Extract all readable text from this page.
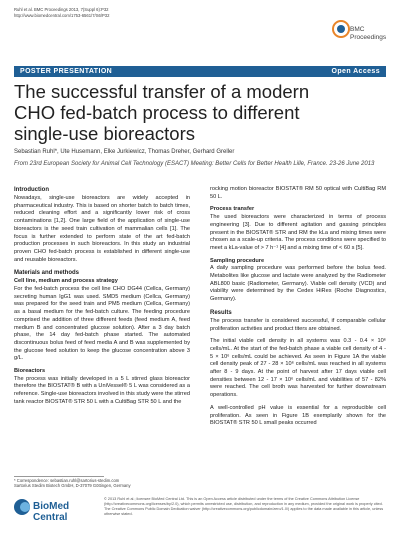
Ruhl et al. BMC Proceedings 2013, 7(Suppl 6):P32
http://www.biomedcentral.com/1753-6561/7/S6/P32
BMC
Proceedings
POSTER PRESENTATION	Open Access
The successful transfer of a modern CHO fed-batch process to different single-use bioreactors
Sebastian Ruhl*, Ute Husemann, Elke Jurkiewicz, Thomas Dreher, Gerhard Greller
From 23rd European Society for Animal Cell Technology (ESACT) Meeting: Better Cells for Better Health Lille, France. 23-26 June 2013
Introduction

Nowadays, single-use bioreactors are widely accepted in pharmaceutical industry. This is based on shorter batch to batch times, reduced cleaning effort and a significantly lower risk of cross contaminations [1,2]. One large field of the application of single-use bioreactors is the seed train cultivation of mammalian cells [1]. The focus is further extended to perform state of the art fed-batch production processes in such bioreactors. In this study an industrial proven CHO fed-batch process is established in different single-use and reusable bioreactors.

Materials and methods
Cell line, medium and process strategy

For the fed-batch process the cell line CHO DG44 (Cellca, Germany) secreting human IgG1 was used. SMD5 medium (Cellca, Germany) was prepared for the seed train and PM5 medium (Cellca, Germany) as a basal medium for the fed-batch culture. The feeding procedure comprised the addition of three different feeds (feed medium A, feed medium B and concentrated glucose solution). After a 3 day batch phase, the 14 day fed-batch phase started. The automated discontinuous bolus feed of feed media A and B was supplemented by the glucose feed solution to keep the glucose concentration above 3 g/L.

Bioreactors

The process was initially developed in a 5 L stirred glass bioreactor therefore the BIOSTAT® B with a UniVessel® 5 L was considered as a reference. Single-use bioreactors involved in this study were the stirred tank reactor BIOSTAT® STR 50 L with a CultiBag STR 50 L and the

rocking motion bioreactor BIOSTAT® RM 50 optical with CultiBag RM 50 L.

Process transfer

The used bioreactors were characterized in terms of process engineering [3]. Due to different agitation and gassing principles present in the BIOSTAT® STR and RM the kLa and mixing times were chosen as a scale-up criteria. The process conditions were specified to meet a kLa-value of > 7 h⁻¹ [4] and a mixing time of < 60 s [5].

Sampling procedure

A daily sampling procedure was performed before the bolus feed. Metabolites like glucose and lactate were analyzed by the Radiometer ABL800 basic (Radiometer, Germany). Viable cell density (VCD) and viability were determined by the Cedex HiRes (Roche Diagnostics, Germany).

Results

The process transfer is considered successful, if comparable cellular proliferation activities and product titers are obtained.

The initial viable cell density in all systems was 0.3 - 0.4 × 10⁶ cells/mL. At the start of the fed-batch phase a viable cell density of 4 - 5 × 10⁶ cells/mL could be achieved. As seen in Figure 1A the viable cell density peak of 27 - 28 × 10⁶ cells/mL was reached in all systems after 8 - 9 days. At the point of harvest after 17 days viable cell densities between 12 - 17 × 10⁶ cells/mL and viabilities of 57 - 82% were reached. The cell broth was harvested for further downstream operations.

A well-controlled pH value is essential for a reproducible cell proliferation. As seen in Figure 1B exemplarily shown for the BIOSTAT® STR 50 L small peaks occurred

* Correspondence: sebastian.ruhl@sartorius-stedim.com
Sartorius Stedim Biotech GmbH, D-37079 Göttingen, Germany
BioMed Central
© 2013 Ruhl et al.; licensee BioMed Central Ltd. This is an Open Access article distributed under the terms of the Creative Commons Attribution License (http://creativecommons.org/licenses/by/2.0), which permits unrestricted use, distribution, and reproduction in any medium, provided the original work is properly cited. The Creative Commons Public Domain Dedication waiver (http://creativecommons.org/publicdomain/zero/1.0/) applies to the data made available in this article, unless otherwise stated.
